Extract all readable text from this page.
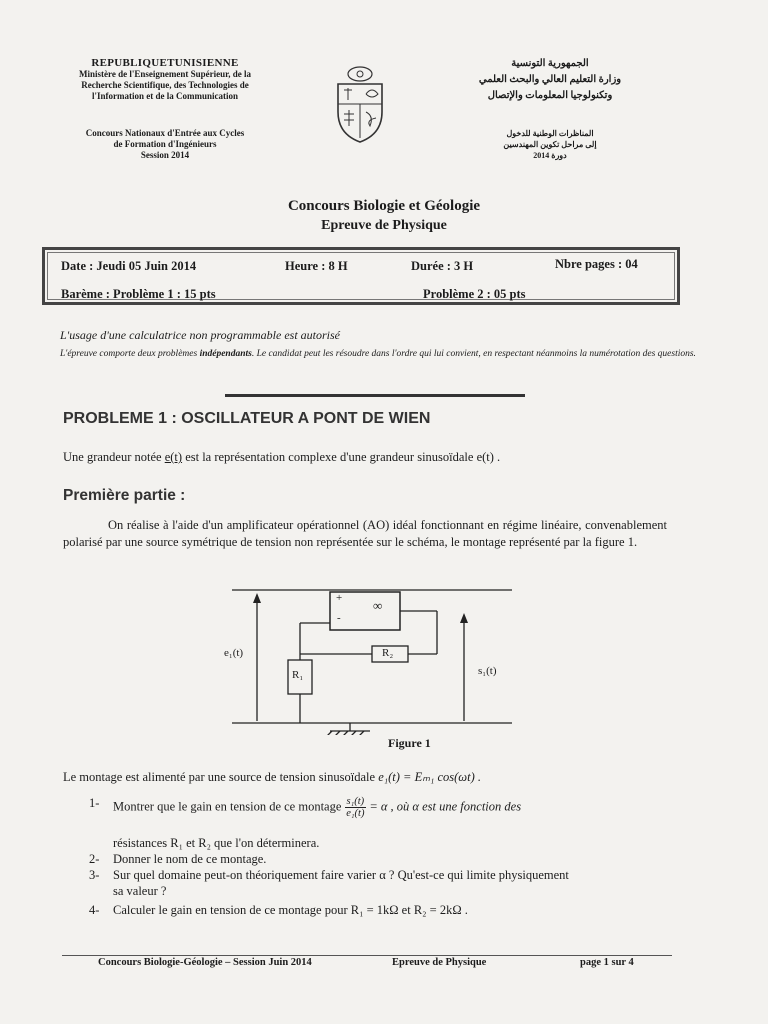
REPUBLIQUETUNISIENNE
Ministère de l'Enseignement Supérieur, de la
Recherche Scientifique, des Technologies de
l'Information et de la Communication
Concours Nationaux d'Entrée aux Cycles
de Formation d'Ingénieurs
Session 2014
الجمهورية التونسية
وزارة التعليم العالي والبحث العلمي
وتكنولوجيا المعلومات والإتصال
المناظرات الوطنية للدخول
إلى مراحل تكوين المهندسين
دورة 2014
Concours Biologie et Géologie
Epreuve de Physique
Date : Jeudi 05 Juin 2014	Heure : 8 H	Durée : 3 H	Nbre pages : 04
Barème : Problème 1 : 15 pts	Problème 2 : 05 pts
L'usage d'une calculatrice non programmable est autorisé
L'épreuve comporte deux problèmes indépendants. Le candidat peut les résoudre dans l'ordre qui lui convient, en respectant néanmoins la numérotation des questions.
PROBLEME 1 : OSCILLATEUR A PONT DE WIEN
Une grandeur notée e(t) est la représentation complexe d'une grandeur sinusoïdale e(t) .
Première partie :
On réalise à l'aide d'un amplificateur opérationnel (AO) idéal fonctionnant en régime linéaire, convenablement polarisé par une source symétrique de tension non représentée sur le schéma, le montage représenté par la figure 1.
+
-
∞
e₁(t)
s₁(t)
R₁
R₂
Figure 1
Le montage est alimenté par une source de tension sinusoïdale e₁(t) = Eₘ₁ cos(ωt) .
1- Montrer que le gain en tension de ce montage $\frac{\text{s₁(t)}}{\text{e₁(t)}} = \alpha$ , où α est une fonction des
résistances R₁ et R₂ que l'on déterminera.
2- Donner le nom de ce montage.
3- Sur quel domaine peut-on théoriquement faire varier α ? Qu'est-ce qui limite physiquement
sa valeur ?
4- Calculer le gain en tension de ce montage pour R₁ = 1kΩ et R₂ = 2kΩ .
Concours Biologie-Géologie – Session Juin 2014	Epreuve de Physique	page 1 sur 4
